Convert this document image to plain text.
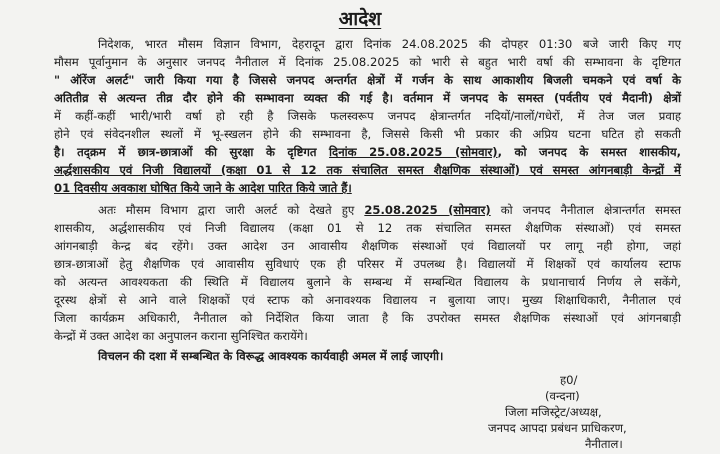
आदेश
निदेशक, भारत मौसम विज्ञान विभाग, देहरादून द्वारा दिनांक 24.08.2025 की दोपहर 01:30 बजे जारी किए गए
मौसम पूर्वानुमान के अनुसार जनपद नैनीताल में दिनांक 25.08.2025 को भारी से बहुत भारी वर्षा की सम्भावना के दृष्टिगत
" ऑरेंज अलर्ट" जारी किया गया है जिससे जनपद अन्तर्गत क्षेत्रों में गर्जन के साथ आकाशीय बिजली चमकने एवं वर्षा के
अतितीव्र से अत्यन्त तीव्र दौर होने की सम्भावना व्यक्त की गई है। वर्तमान में जनपद के समस्त (पर्वतीय एवं मैदानी) क्षेत्रों
में कहीं-कहीं भारी/भारी वर्षा हो रही है जिसके फलस्वरूप जनपद क्षेत्रान्तर्गत नदियों/नालों/गधेरों, में तेज जल प्रवाह
होने एवं संवेदनशील स्थलों में भू-स्खलन होने की सम्भावना है, जिससे किसी भी प्रकार की अप्रिय घटना घटित हो सकती
है। तद्क्रम में छात्र-छात्राओं की सुरक्षा के दृष्टिगत दिनांक 25.08.2025 (सोमवार), को जनपद के समस्त शासकीय,
अर्द्धशासकीय एवं निजी विद्यालयों (कक्षा 01 से 12 तक संचालित समस्त शैक्षणिक संस्थाओं) एवं समस्त आंगनबाड़ी केन्द्रों में
01 दिवसीय अवकाश घोषित किये जाने के आदेश पारित किये जाते हैं।
अतः मौसम विभाग द्वारा जारी अलर्ट को देखते हुए 25.08.2025 (सोमवार) को जनपद नैनीताल क्षेत्रान्तर्गत समस्त
शासकीय, अर्द्धशासकीय एवं निजी विद्यालय (कक्षा 01 से 12 तक संचालित समस्त शैक्षणिक संस्थाओं) एवं समस्त
आंगनबाड़ी केन्द्र बंद रहेंगे। उक्त आदेश उन आवासीय शैक्षणिक संस्थाओं एवं विद्यालयों पर लागू नही होगा, जहां
छात्र-छात्राओं हेतु शैक्षणिक एवं आवासीय सुविधाएं एक ही परिसर में उपलब्ध है। विद्यालयों में शिक्षकों एवं कार्यालय स्टाफ
को अत्यन्त आवश्यकता की स्थिति में विद्यालय बुलाने के सम्बन्ध में सम्बन्धित विद्यालय के प्रधानाचार्य निर्णय ले सकेंगे,
दूरस्थ क्षेत्रों से आने वाले शिक्षकों एवं स्टाफ को अनावश्यक विद्यालय न बुलाया जाए। मुख्य शिक्षाधिकारी, नैनीताल एवं
जिला कार्यक्रम अधिकारी, नैनीताल को निर्देशित किया जाता है कि उपरोक्त समस्त शैक्षणिक संस्थाओं एवं आंगनबाड़ी
केन्द्रों में उक्त आदेश का अनुपालन कराना सुनिश्चित करायेंगे।
विचलन की दशा में सम्बन्धित के विरूद्ध आवश्यक कार्यवाही अमल में लाई जाएगी।
ह0/
(वन्दना)
जिला मजिस्ट्रेट/अध्यक्ष,
जनपद आपदा प्रबंधन प्राधिकरण,
नैनीताल।
